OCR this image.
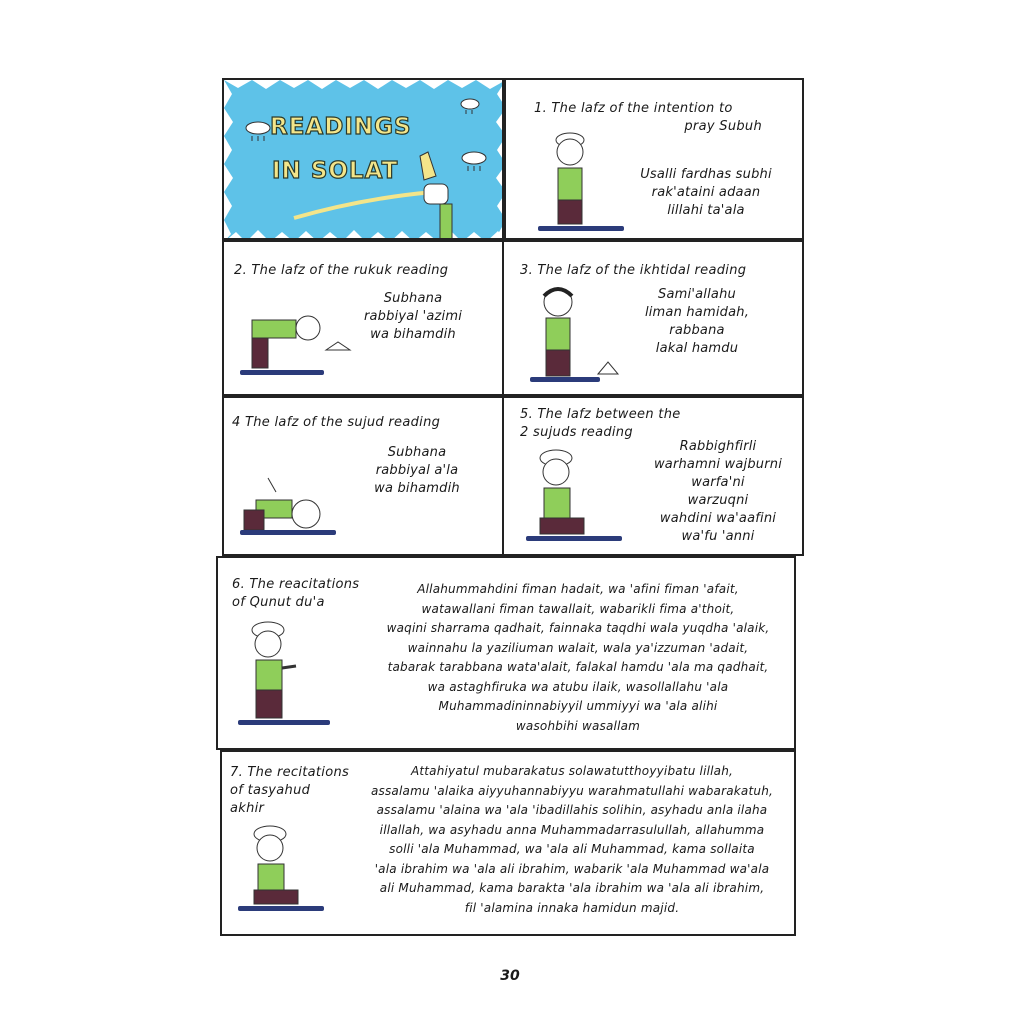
READINGS
IN SOLAT
1. The lafz of the intention to
pray Subuh
Usalli fardhas subhi
rak'ataini adaan
lillahi ta'ala
2. The lafz of the rukuk reading
Subhana
rabbiyal 'azimi
wa bihamdih
3. The lafz of the ikhtidal reading
Sami'allahu
liman hamidah,
rabbana
lakal hamdu
4 The lafz of the sujud reading
Subhana
rabbiyal a'la
wa bihamdih
5. The lafz between the
2 sujuds reading
Rabbighfirli
warhamni wajburni
warfa'ni
warzuqni
wahdini wa'aafini
wa'fu 'anni
6. The reacitations
of Qunut du'a
Allahummahdini fiman hadait, wa 'afini fiman 'afait,
watawallani fiman tawallait, wabarikli fima a'thoit,
waqini sharrama qadhait, fainnaka taqdhi wala yuqdha 'alaik,
wainnahu la yaziliuman walait, wala ya'izzuman 'adait,
tabarak tarabbana wata'alait, falakal hamdu 'ala ma qadhait,
wa astaghfiruka wa atubu ilaik, wasollallahu 'ala
Muhammadininnabiyyil ummiyyi wa 'ala alihi
wasohbihi wasallam
7. The recitations
of tasyahud
akhir
Attahiyatul mubarakatus solawatutthoyyibatu lillah,
assalamu 'alaika aiyyuhannabiyyu warahmatullahi wabarakatuh,
assalamu 'alaina wa 'ala 'ibadillahis solihin, asyhadu anla ilaha
illallah, wa asyhadu anna Muhammadarrasulullah, allahumma
solli 'ala Muhammad, wa 'ala ali Muhammad, kama sollaita
'ala ibrahim wa 'ala ali ibrahim, wabarik 'ala Muhammad wa'ala
ali Muhammad, kama barakta 'ala ibrahim wa 'ala ali ibrahim,
fil 'alamina innaka hamidun majid.
30
